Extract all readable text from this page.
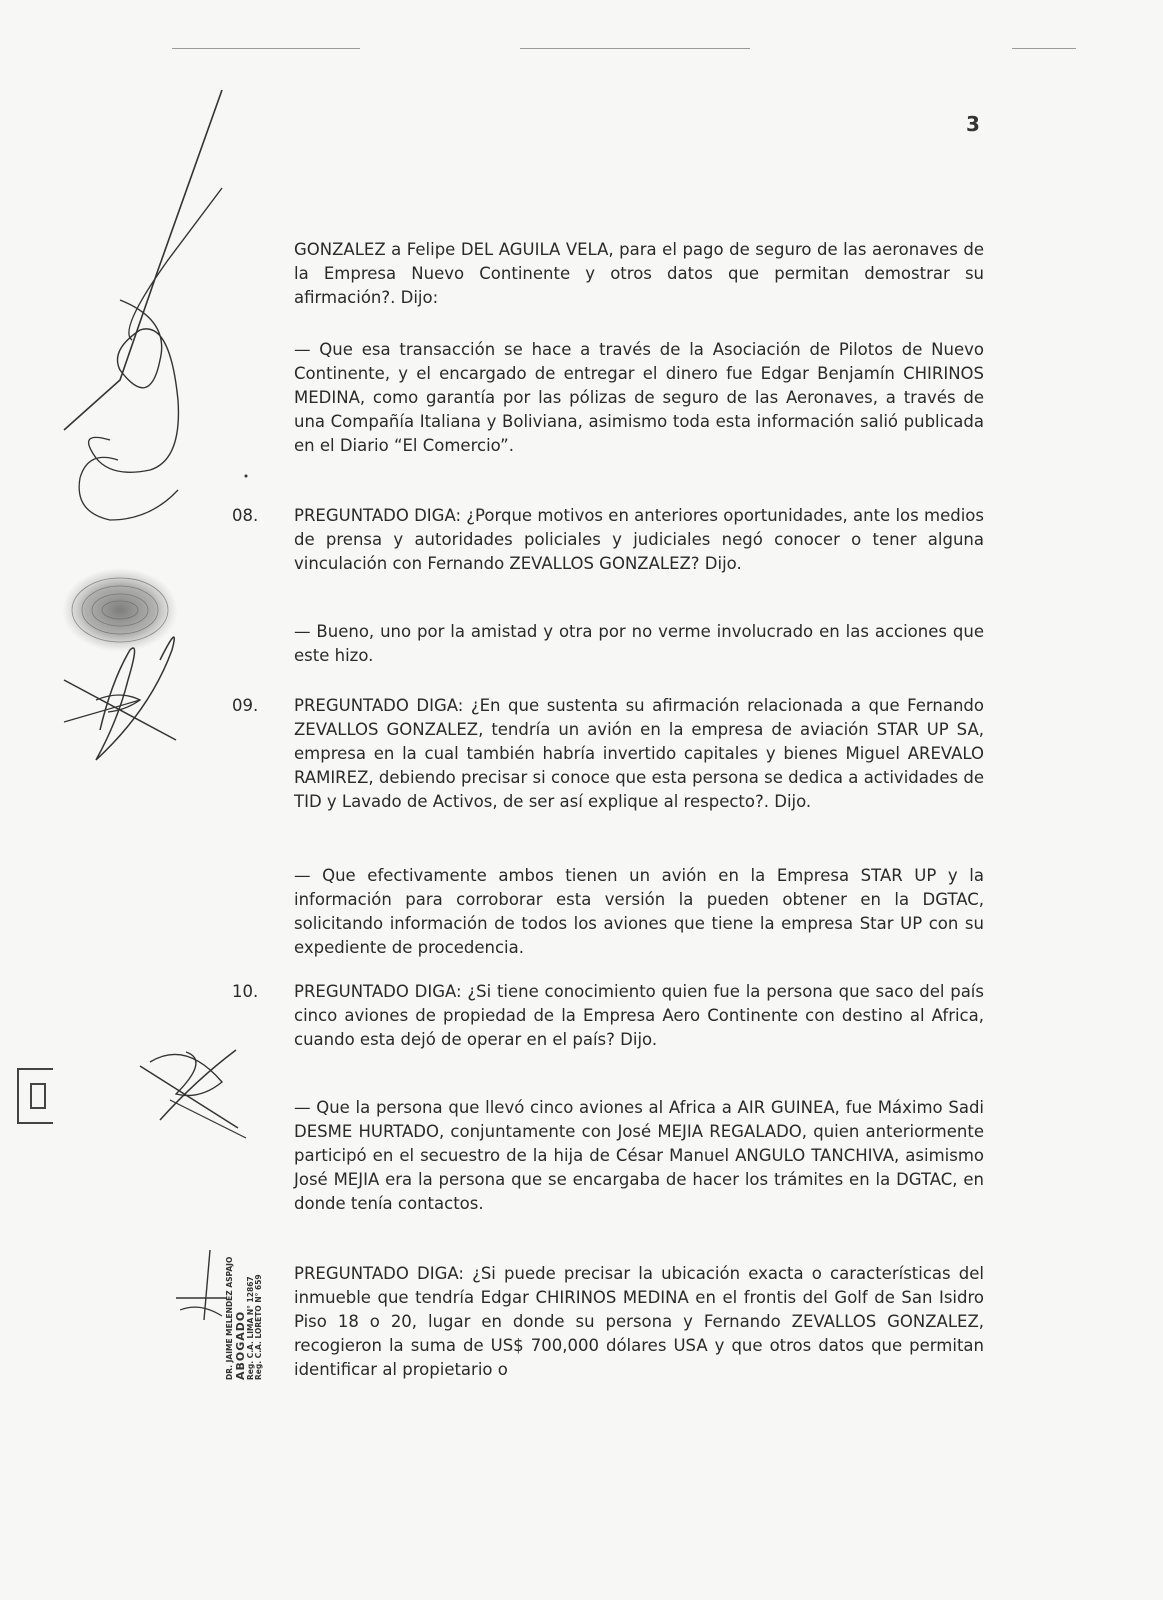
3
DR. JAIME MELENDEZ ASPAJO ABOGADO Reg. C.A. LIMA N° 12867 Reg. C.A. LORETO N° 659
GONZALEZ a Felipe DEL AGUILA VELA, para el pago de seguro de las aeronaves de la Empresa Nuevo Continente y otros datos que permitan demostrar su afirmación?. Dijo:
— Que esa transacción se hace a través de la Asociación de Pilotos de Nuevo Continente, y el encargado de entregar el dinero fue Edgar Benjamín CHIRINOS MEDINA, como garantía por las pólizas de seguro de las Aeronaves, a través de una Compañía Italiana y Boliviana, asimismo toda esta información salió publicada en el Diario “El Comercio”.
08. PREGUNTADO DIGA: ¿Porque motivos en anteriores oportunidades, ante los medios de prensa y autoridades policiales y judiciales negó conocer o tener alguna vinculación con Fernando ZEVALLOS GONZALEZ? Dijo.
— Bueno, uno por la amistad y otra por no verme involucrado en las acciones que este hizo.
09. PREGUNTADO DIGA: ¿En que sustenta su afirmación relacionada a que Fernando ZEVALLOS GONZALEZ, tendría un avión en la empresa de aviación STAR UP SA, empresa en la cual también habría invertido capitales y bienes Miguel AREVALO RAMIREZ, debiendo precisar si conoce que esta persona se dedica a actividades de TID y Lavado de Activos, de ser así explique al respecto?. Dijo.
— Que efectivamente ambos tienen un avión en la Empresa STAR UP y la información para corroborar esta versión la pueden obtener en la DGTAC, solicitando información de todos los aviones que tiene la empresa Star UP con su expediente de procedencia.
10. PREGUNTADO DIGA: ¿Si tiene conocimiento quien fue la persona que saco del país cinco aviones de propiedad de la Empresa Aero Continente con destino al Africa, cuando esta dejó de operar en el país? Dijo.
— Que la persona que llevó cinco aviones al Africa a AIR GUINEA, fue Máximo Sadi DESME HURTADO, conjuntamente con José MEJIA REGALADO, quien anteriormente participó en el secuestro de la hija de César Manuel ANGULO TANCHIVA, asimismo José MEJIA era la persona que se encargaba de hacer los trámites en la DGTAC, en donde tenía contactos.
PREGUNTADO DIGA: ¿Si puede precisar la ubicación exacta o características del inmueble que tendría Edgar CHIRINOS MEDINA en el frontis del Golf de San Isidro Piso 18 o 20, lugar en donde su persona y Fernando ZEVALLOS GONZALEZ, recogieron la suma de US$ 700,000 dólares USA y que otros datos que permitan identificar al propietario o
